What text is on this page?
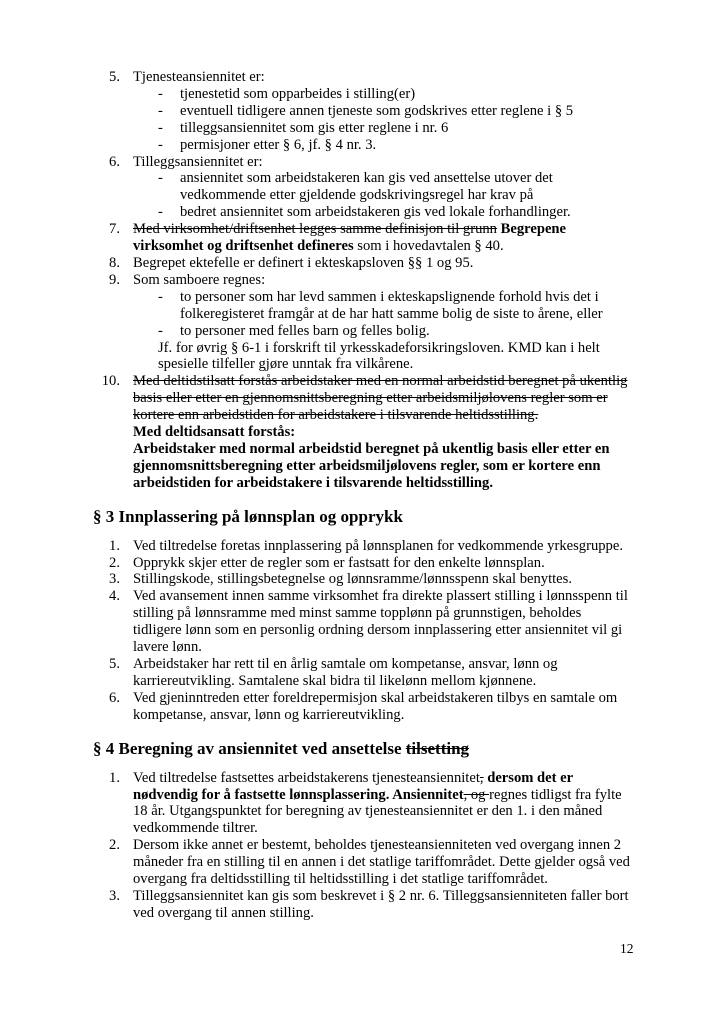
5. Tjenesteansiennitet er:
-	tjenestetid som opparbeides i stilling(er)
-	eventuell tidligere annen tjeneste som godskrives etter reglene i § 5
-	tilleggsansiennitet som gis etter reglene i nr. 6
-	permisjoner etter § 6, jf. § 4 nr. 3.
6. Tilleggsansiennitet er:
-	ansiennitet som arbeidstakeren kan gis ved ansettelse utover det vedkommende etter gjeldende godskrivingsregel har krav på
-	bedret ansiennitet som arbeidstakeren gis ved lokale forhandlinger.
7. Med virksomhet/driftsenhet legges samme definisjon til grunn Begrepene virksomhet og driftsenhet defineres som i hovedavtalen § 40.
8. Begrepet ektefelle er definert i ekteskapsloven §§ 1 og 95.
9. Som samboere regnes:
-	to personer som har levd sammen i ekteskapslignende forhold hvis det i folkeregisteret framgår at de har hatt samme bolig de siste to årene, eller
-	to personer med felles barn og felles bolig.
Jf. for øvrig § 6-1 i forskrift til yrkesskadeforsikringsloven. KMD kan i helt spesielle tilfeller gjøre unntak fra vilkårene.
10. Med deltidstilsatt forstås arbeidstaker med en normal arbeidstid beregnet på ukentlig basis eller etter en gjennomsnittsberegning etter arbeidsmiljølovens regler som er kortere enn arbeidstiden for arbeidstakere i tilsvarende heltidsstilling.
Med deltidsansatt forstås:
Arbeidstaker med normal arbeidstid beregnet på ukentlig basis eller etter en gjennomsnittsberegning etter arbeidsmiljølovens regler, som er kortere enn arbeidstiden for arbeidstakere i tilsvarende heltidsstilling.
§ 3 Innplassering på lønnsplan og opprykk
1. Ved tiltredelse foretas innplassering på lønnsplanen for vedkommende yrkesgruppe.
2. Opprykk skjer etter de regler som er fastsatt for den enkelte lønnsplan.
3. Stillingskode, stillingsbetegnelse og lønnsramme/lønnsspenn skal benyttes.
4. Ved avansement innen samme virksomhet fra direkte plassert stilling i lønnsspenn til stilling på lønnsramme med minst samme topplønn på grunnstigen, beholdes tidligere lønn som en personlig ordning dersom innplassering etter ansiennitet vil gi lavere lønn.
5. Arbeidstaker har rett til en årlig samtale om kompetanse, ansvar, lønn og karriereutvikling. Samtalene skal bidra til likelønn mellom kjønnene.
6. Ved gjeninntreden etter foreldrepermisjon skal arbeidstakeren tilbys en samtale om kompetanse, ansvar, lønn og karriereutvikling.
§ 4 Beregning av ansiennitet ved ansettelse tilsetting
1. Ved tiltredelse fastsettes arbeidstakerens tjenesteansiennitet, dersom det er nødvendig for å fastsette lønnsplassering. Ansiennitet, og regnes tidligst fra fylte 18 år. Utgangspunktet for beregning av tjenesteansiennitet er den 1. i den måned vedkommende tiltrer.
2. Dersom ikke annet er bestemt, beholdes tjenesteansienniteten ved overgang innen 2 måneder fra en stilling til en annen i det statlige tariffområdet. Dette gjelder også ved overgang fra deltidsstilling til heltidsstilling i det statlige tariffområdet.
3. Tilleggsansiennitet kan gis som beskrevet i § 2 nr. 6. Tilleggsansienniteten faller bort ved overgang til annen stilling.
12
